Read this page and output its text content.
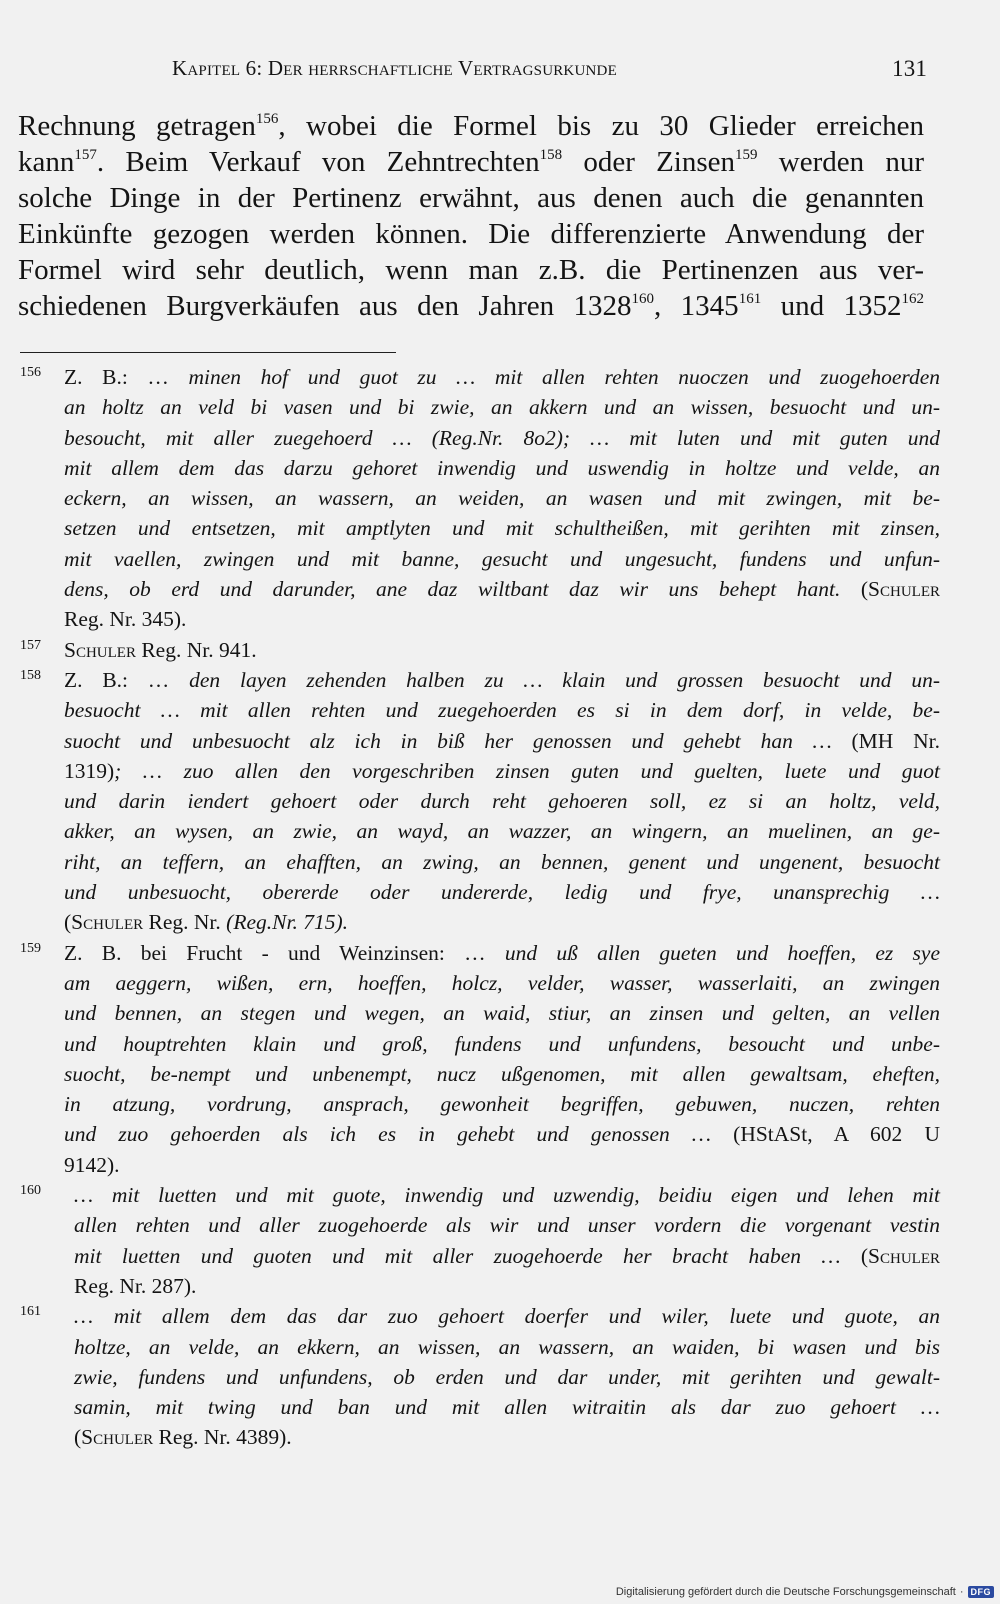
Kapitel 6: Der herrschaftliche Vertragsurkunde	131
Rechnung getragen$^{156}$, wobei die Formel bis zu 30 Glieder erreichen
kann$^{157}$. Beim Verkauf von Zehntrechten$^{158}$ oder Zinsen$^{159}$ werden nur
solche Dinge in der Pertinenz erwähnt, aus denen auch die genannten
Einkünfte gezogen werden können. Die differenzierte Anwendung der
Formel wird sehr deutlich, wenn man z.B. die Pertinenzen aus ver-
schiedenen Burgverkäufen aus den Jahren 1328$^{160}$, 1345$^{161}$ und 1352$^{162}$
156 Z. B.: … minen hof und guot zu … mit allen rehten nuoczen und zuogehoerden
an holtz an veld bi vasen und bi zwie, an akkern und an wissen, besuocht und un-
besoucht, mit aller zuegehoerd … (Reg.Nr. 8o2); … mit luten und mit guten und
mit allem dem das darzu gehoret inwendig und uswendig in holtze und velde, an
eckern, an wissen, an wassern, an weiden, an wasen und mit zwingen, mit be-
setzen und entsetzen, mit amptlyten und mit schultheißen, mit gerihten mit zinsen,
mit vaellen, zwingen und mit banne, gesucht und ungesucht, fundens und unfun-
dens, ob erd und darunder, ane daz wiltbant daz wir uns behept hant. (Schuler
Reg. Nr. 345).
157 Schuler Reg. Nr. 941.
158 Z. B.: … den layen zehenden halben zu … klain und grossen besuocht und un-
besuocht … mit allen rehten und zuegehoerden es si in dem dorf, in velde, be-
suocht und unbesuocht alz ich in biß her genossen und gehebt han … (MH Nr.
1319); … zuo allen den vorgeschriben zinsen guten und guelten, luete und guot
und darin iendert gehoert oder durch reht gehoeren soll, ez si an holtz, veld,
akker, an wysen, an zwie, an wayd, an wazzer, an wingern, an muelinen, an ge-
riht, an teffern, an ehafften, an zwing, an bennen, genent und ungenent, besuocht
und unbesuocht, obererde oder undererde, ledig und frye, unansprechig …
(Schuler Reg. Nr. (Reg.Nr. 715).
159 Z. B. bei Frucht - und Weinzinsen: … und uß allen gueten und hoeffen, ez sye
am aeggern, wißen, ern, hoeffen, holcz, velder, wasser, wasserlaiti, an zwingen
und bennen, an stegen und wegen, an waid, stiur, an zinsen und gelten, an vellen
und houptrehten klain und groß, fundens und unfundens, besoucht und unbe-
suocht, be-nempt und unbenempt, nucz ußgenomen, mit allen gewaltsam, eheften,
in atzung, vordrung, ansprach, gewonheit begriffen, gebuwen, nuczen, rehten
und zuo gehoerden als ich es in gehebt und genossen … (HStASt, A 602 U
9142).
160 … mit luetten und mit guote, inwendig und uzwendig, beidiu eigen und lehen mit
allen rehten und aller zuogehoerde als wir und unser vordern die vorgenant vestin
mit luetten und guoten und mit aller zuogehoerde her bracht haben … (Schuler
Reg. Nr. 287).
161 … mit allem dem das dar zuo gehoert doerfer und wiler, luete und guote, an
holtze, an velde, an ekkern, an wissen, an wassern, an waiden, bi wasen und bis
zwie, fundens und unfundens, ob erden und dar under, mit gerihten und gewalt-
samin, mit twing und ban und mit allen witraitin als dar zuo gehoert …
(Schuler Reg. Nr. 4389).
Digitalisierung gefördert durch die Deutsche Forschungsgemeinschaft · DFG
